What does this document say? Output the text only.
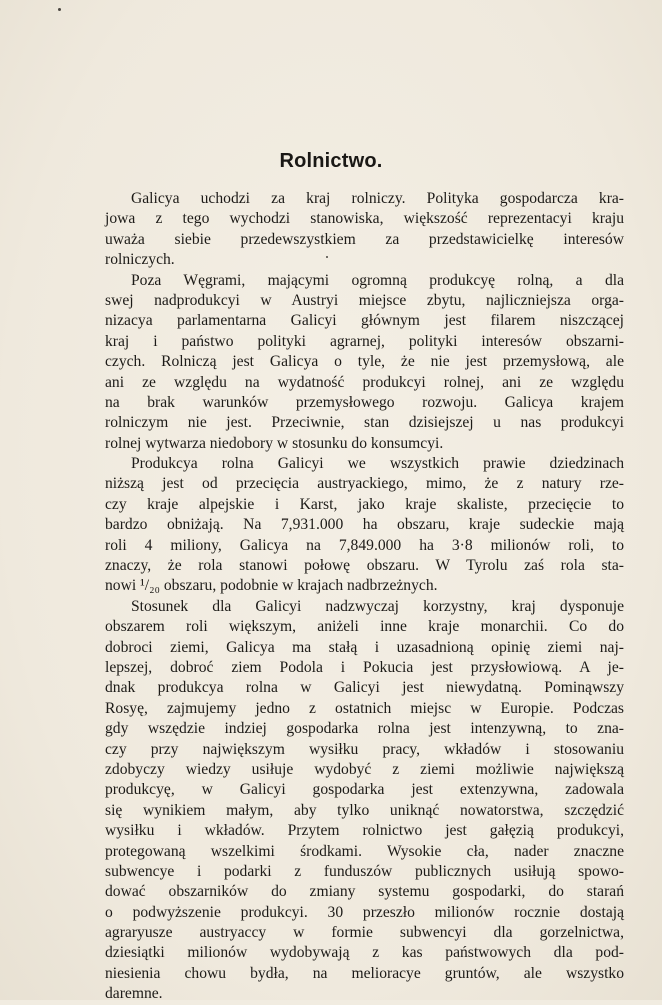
Rolnictwo.
Galicya uchodzi za kraj rolniczy. Polityka gospodarcza kra-
jowa z tego wychodzi stanowiska, większość reprezentacyi kraju
uważa siebie przedewszystkiem za przedstawicielkę interesów
rolniczych.
Poza Węgrami, mającymi ogromną produkcyę rolną, a dla
swej nadprodukcyi w Austryi miejsce zbytu, najliczniejsza orga-
nizacya parlamentarna Galicyi głównym jest filarem niszczącej
kraj i państwo polityki agrarnej, polityki interesów obszarni-
czych. Rolniczą jest Galicya o tyle, że nie jest przemysłową, ale
ani ze względu na wydatność produkcyi rolnej, ani ze względu
na brak warunków przemysłowego rozwoju. Galicya krajem
rolniczym nie jest. Przeciwnie, stan dzisiejszej u nas produkcyi
rolnej wytwarza niedobory w stosunku do konsumcyi.
Produkcya rolna Galicyi we wszystkich prawie dziedzinach
niższą jest od przecięcia austryackiego, mimo, że z natury rze-
czy kraje alpejskie i Karst, jako kraje skaliste, przecięcie to
bardzo obniżają. Na 7,931.000 ha obszaru, kraje sudeckie mają
roli 4 miliony, Galicya na 7,849.000 ha 3·8 milionów roli, to
znaczy, że rola stanowi połowę obszaru. W Tyrolu zaś rola sta-
nowi ¹/₂₀ obszaru, podobnie w krajach nadbrzeżnych.
Stosunek dla Galicyi nadzwyczaj korzystny, kraj dysponuje
obszarem roli większym, aniżeli inne kraje monarchii. Co do
dobroci ziemi, Galicya ma stałą i uzasadnioną opinię ziemi naj-
lepszej, dobroć ziem Podola i Pokucia jest przysłowiową. A je-
dnak produkcya rolna w Galicyi jest niewydatną. Pominąwszy
Rosyę, zajmujemy jedno z ostatnich miejsc w Europie. Podczas
gdy wszędzie indziej gospodarka rolna jest intenzywną, to zna-
czy przy największym wysiłku pracy, wkładów i stosowaniu
zdobyczy wiedzy usiłuje wydobyć z ziemi możliwie największą
produkcyę, w Galicyi gospodarka jest extenzywna, zadowala
się wynikiem małym, aby tylko uniknąć nowatorstwa, szczędzić
wysiłku i wkładów. Przytem rolnictwo jest gałęzią produkcyi,
protegowaną wszelkimi środkami. Wysokie cła, nader znaczne
subwencye i podarki z funduszów publicznych usiłują spowo-
dować obszarników do zmiany systemu gospodarki, do starań
o podwyższenie produkcyi. 30 przeszło milionów rocznie dostają
agraryusze austryaccy w formie subwencyi dla gorzelnictwa,
dziesiątki milionów wydobywają z kas państwowych dla pod-
niesienia chowu bydła, na melioracye gruntów, ale wszystko
daremne.
